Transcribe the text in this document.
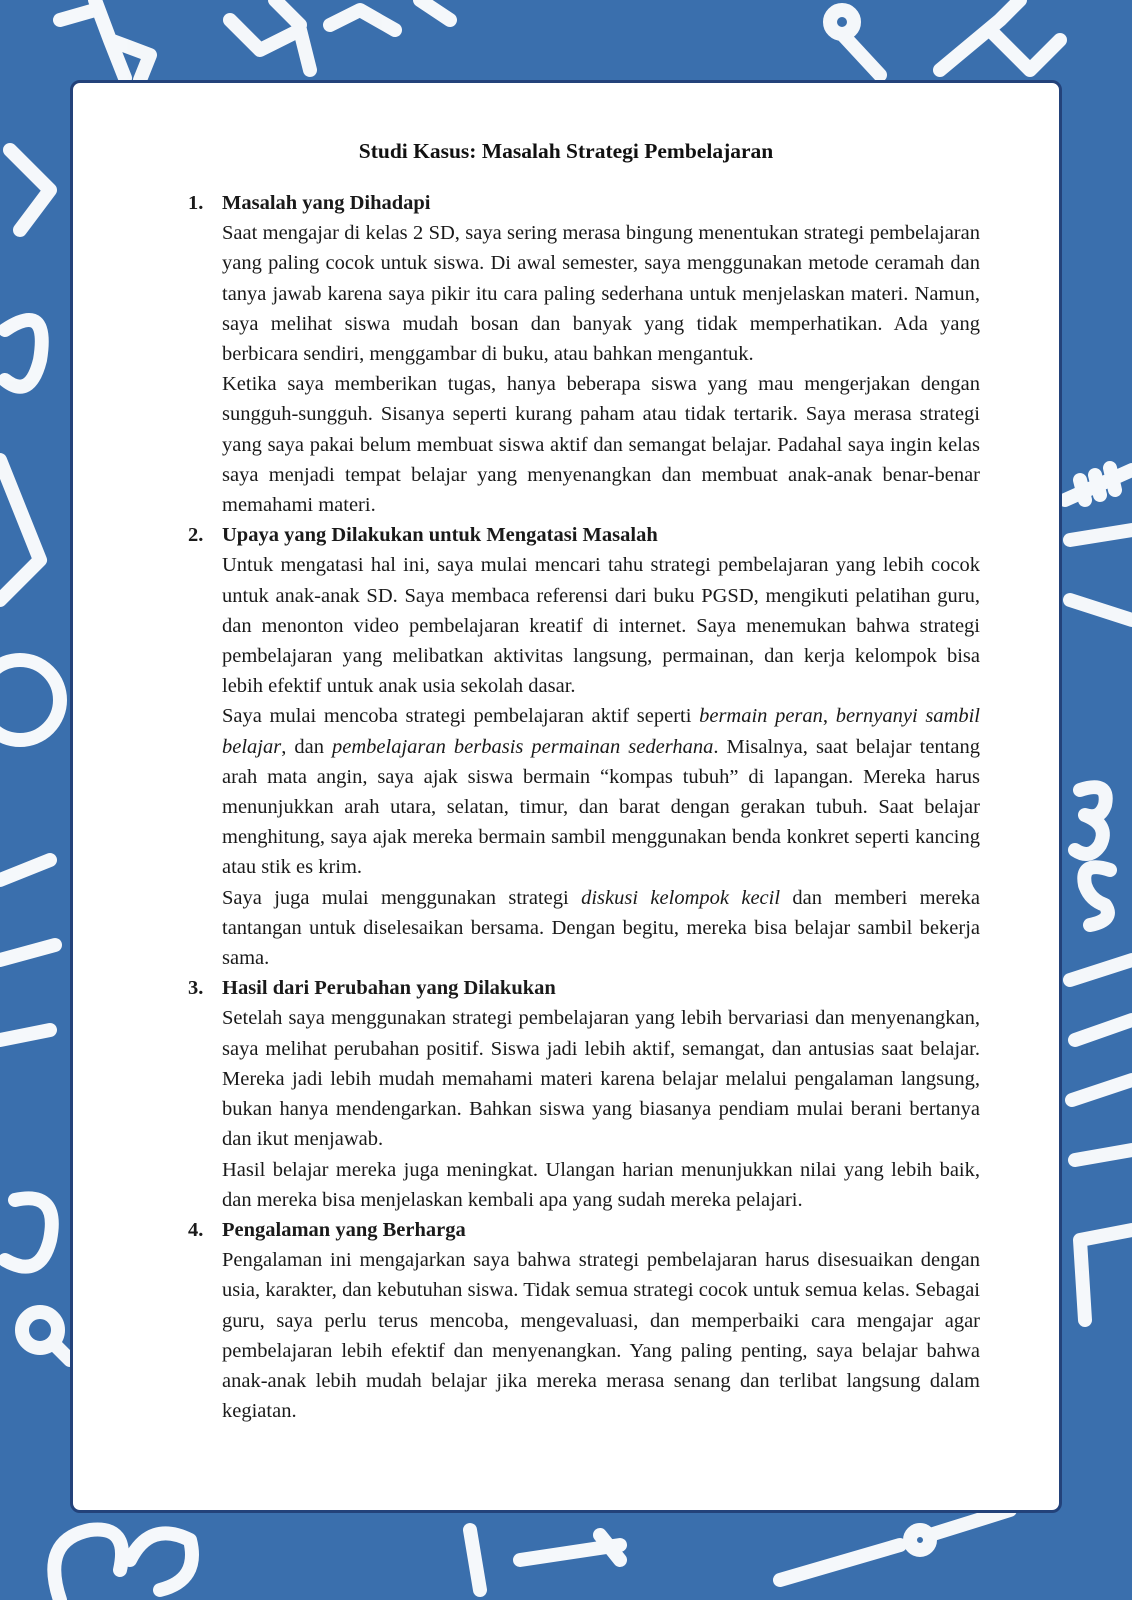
Studi Kasus: Masalah Strategi Pembelajaran
1. Masalah yang Dihadapi

Saat mengajar di kelas 2 SD, saya sering merasa bingung menentukan strategi pembelajaran yang paling cocok untuk siswa. Di awal semester, saya menggunakan metode ceramah dan tanya jawab karena saya pikir itu cara paling sederhana untuk menjelaskan materi. Namun, saya melihat siswa mudah bosan dan banyak yang tidak memperhatikan. Ada yang berbicara sendiri, menggambar di buku, atau bahkan mengantuk.

Ketika saya memberikan tugas, hanya beberapa siswa yang mau mengerjakan dengan sungguh-sungguh. Sisanya seperti kurang paham atau tidak tertarik. Saya merasa strategi yang saya pakai belum membuat siswa aktif dan semangat belajar. Padahal saya ingin kelas saya menjadi tempat belajar yang menyenangkan dan membuat anak-anak benar-benar memahami materi.

2. Upaya yang Dilakukan untuk Mengatasi Masalah

Untuk mengatasi hal ini, saya mulai mencari tahu strategi pembelajaran yang lebih cocok untuk anak-anak SD. Saya membaca referensi dari buku PGSD, mengikuti pelatihan guru, dan menonton video pembelajaran kreatif di internet. Saya menemukan bahwa strategi pembelajaran yang melibatkan aktivitas langsung, permainan, dan kerja kelompok bisa lebih efektif untuk anak usia sekolah dasar.

Saya mulai mencoba strategi pembelajaran aktif seperti bermain peran, bernyanyi sambil belajar, dan pembelajaran berbasis permainan sederhana. Misalnya, saat belajar tentang arah mata angin, saya ajak siswa bermain “kompas tubuh” di lapangan. Mereka harus menunjukkan arah utara, selatan, timur, dan barat dengan gerakan tubuh. Saat belajar menghitung, saya ajak mereka bermain sambil menggunakan benda konkret seperti kancing atau stik es krim.

Saya juga mulai menggunakan strategi diskusi kelompok kecil dan memberi mereka tantangan untuk diselesaikan bersama. Dengan begitu, mereka bisa belajar sambil bekerja sama.

3. Hasil dari Perubahan yang Dilakukan

Setelah saya menggunakan strategi pembelajaran yang lebih bervariasi dan menyenangkan, saya melihat perubahan positif. Siswa jadi lebih aktif, semangat, dan antusias saat belajar. Mereka jadi lebih mudah memahami materi karena belajar melalui pengalaman langsung, bukan hanya mendengarkan. Bahkan siswa yang biasanya pendiam mulai berani bertanya dan ikut menjawab.

Hasil belajar mereka juga meningkat. Ulangan harian menunjukkan nilai yang lebih baik, dan mereka bisa menjelaskan kembali apa yang sudah mereka pelajari.

4. Pengalaman yang Berharga

Pengalaman ini mengajarkan saya bahwa strategi pembelajaran harus disesuaikan dengan usia, karakter, dan kebutuhan siswa. Tidak semua strategi cocok untuk semua kelas. Sebagai guru, saya perlu terus mencoba, mengevaluasi, dan memperbaiki cara mengajar agar pembelajaran lebih efektif dan menyenangkan. Yang paling penting, saya belajar bahwa anak-anak lebih mudah belajar jika mereka merasa senang dan terlibat langsung dalam kegiatan.
